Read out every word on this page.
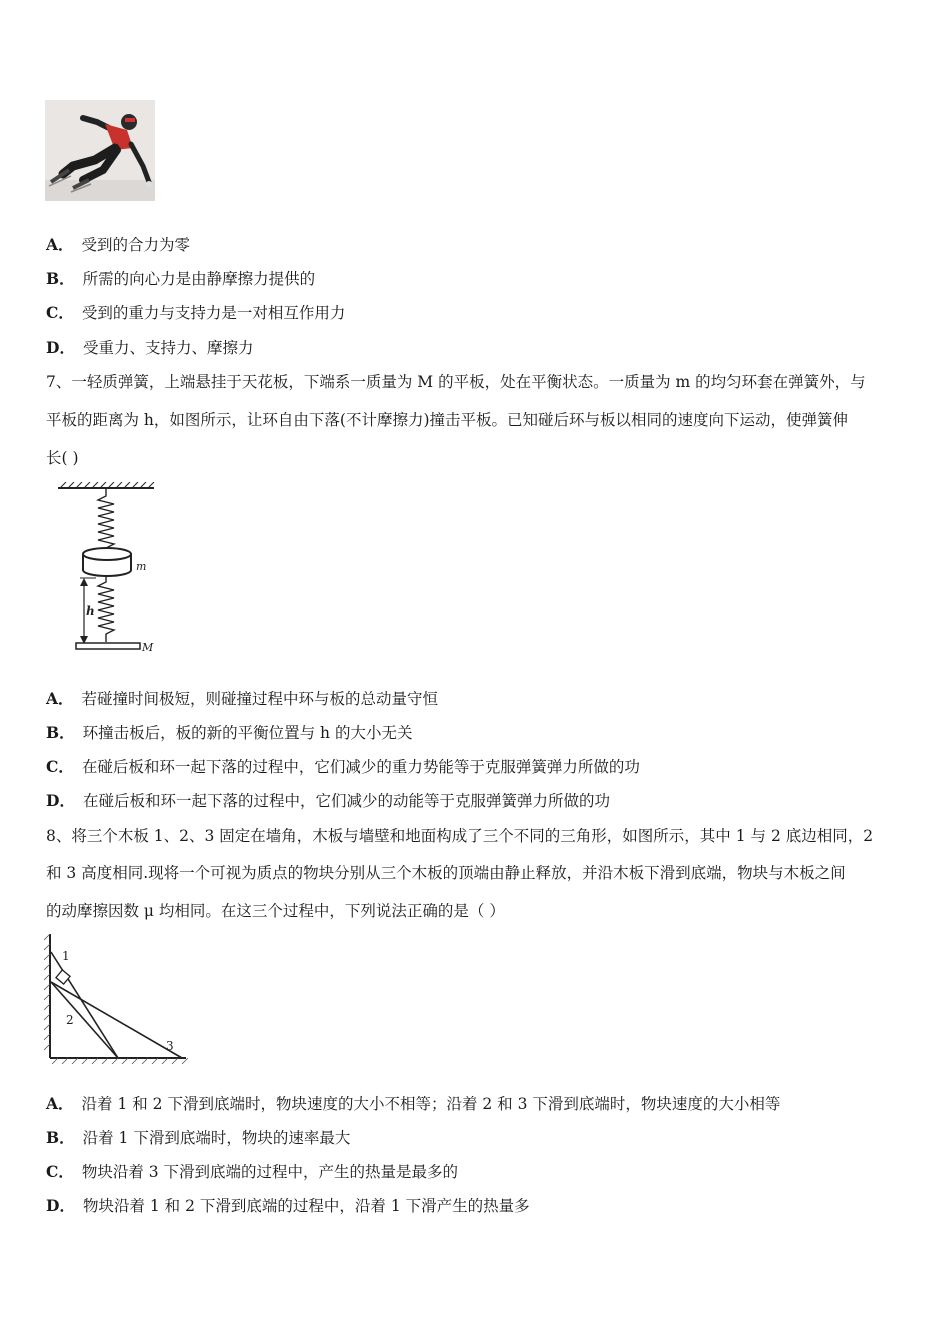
A． 受到的合力为零
B． 所需的向心力是由静摩擦力提供的
C． 受到的重力与支持力是一对相互作用力
D． 受重力、支持力、摩擦力
7、一轻质弹簧，上端悬挂于天花板，下端系一质量为 M 的平板，处在平衡状态。一质量为 m 的均匀环套在弹簧外，与
平板的距离为 h，如图所示，让环自由下落(不计摩擦力)撞击平板。已知碰后环与板以相同的速度向下运动，使弹簧伸
长( )
m
h
M
A． 若碰撞时间极短，则碰撞过程中环与板的总动量守恒
B． 环撞击板后，板的新的平衡位置与 h 的大小无关
C． 在碰后板和环一起下落的过程中，它们减少的重力势能等于克服弹簧弹力所做的功
D． 在碰后板和环一起下落的过程中，它们减少的动能等于克服弹簧弹力所做的功
8、将三个木板 1、2、3 固定在墙角，木板与墙壁和地面构成了三个不同的三角形，如图所示，其中 1 与 2 底边相同，2
和 3 高度相同.现将一个可视为质点的物块分别从三个木板的顶端由静止释放，并沿木板下滑到底端，物块与木板之间
的动摩擦因数 μ 均相同。在这三个过程中，下列说法正确的是（ ）
1
2
3
A． 沿着 1 和 2 下滑到底端时，物块速度的大小不相等；沿着 2 和 3 下滑到底端时，物块速度的大小相等
B． 沿着 1 下滑到底端时，物块的速率最大
C． 物块沿着 3 下滑到底端的过程中，产生的热量是最多的
D． 物块沿着 1 和 2 下滑到底端的过程中，沿着 1 下滑产生的热量多
